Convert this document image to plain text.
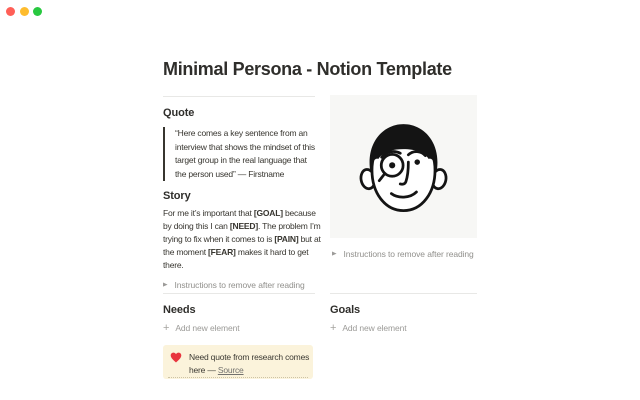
Minimal Persona - Notion Template
Quote
“Here comes a key sentence from an
interview that shows the mindset of this
target group in the real language that
the person used” — Firstname
Story
For me it’s important that [GOAL] because
by doing this I can [NEED]. The problem I’m
trying to fix when it comes to is [PAIN] but at
the moment [FEAR] makes it hard to get
there.
▶ Instructions to remove after reading
▶ Instructions to remove after reading
Needs
+ Add new element
Need quote from research comes
here — Source
Goals
+ Add new element
